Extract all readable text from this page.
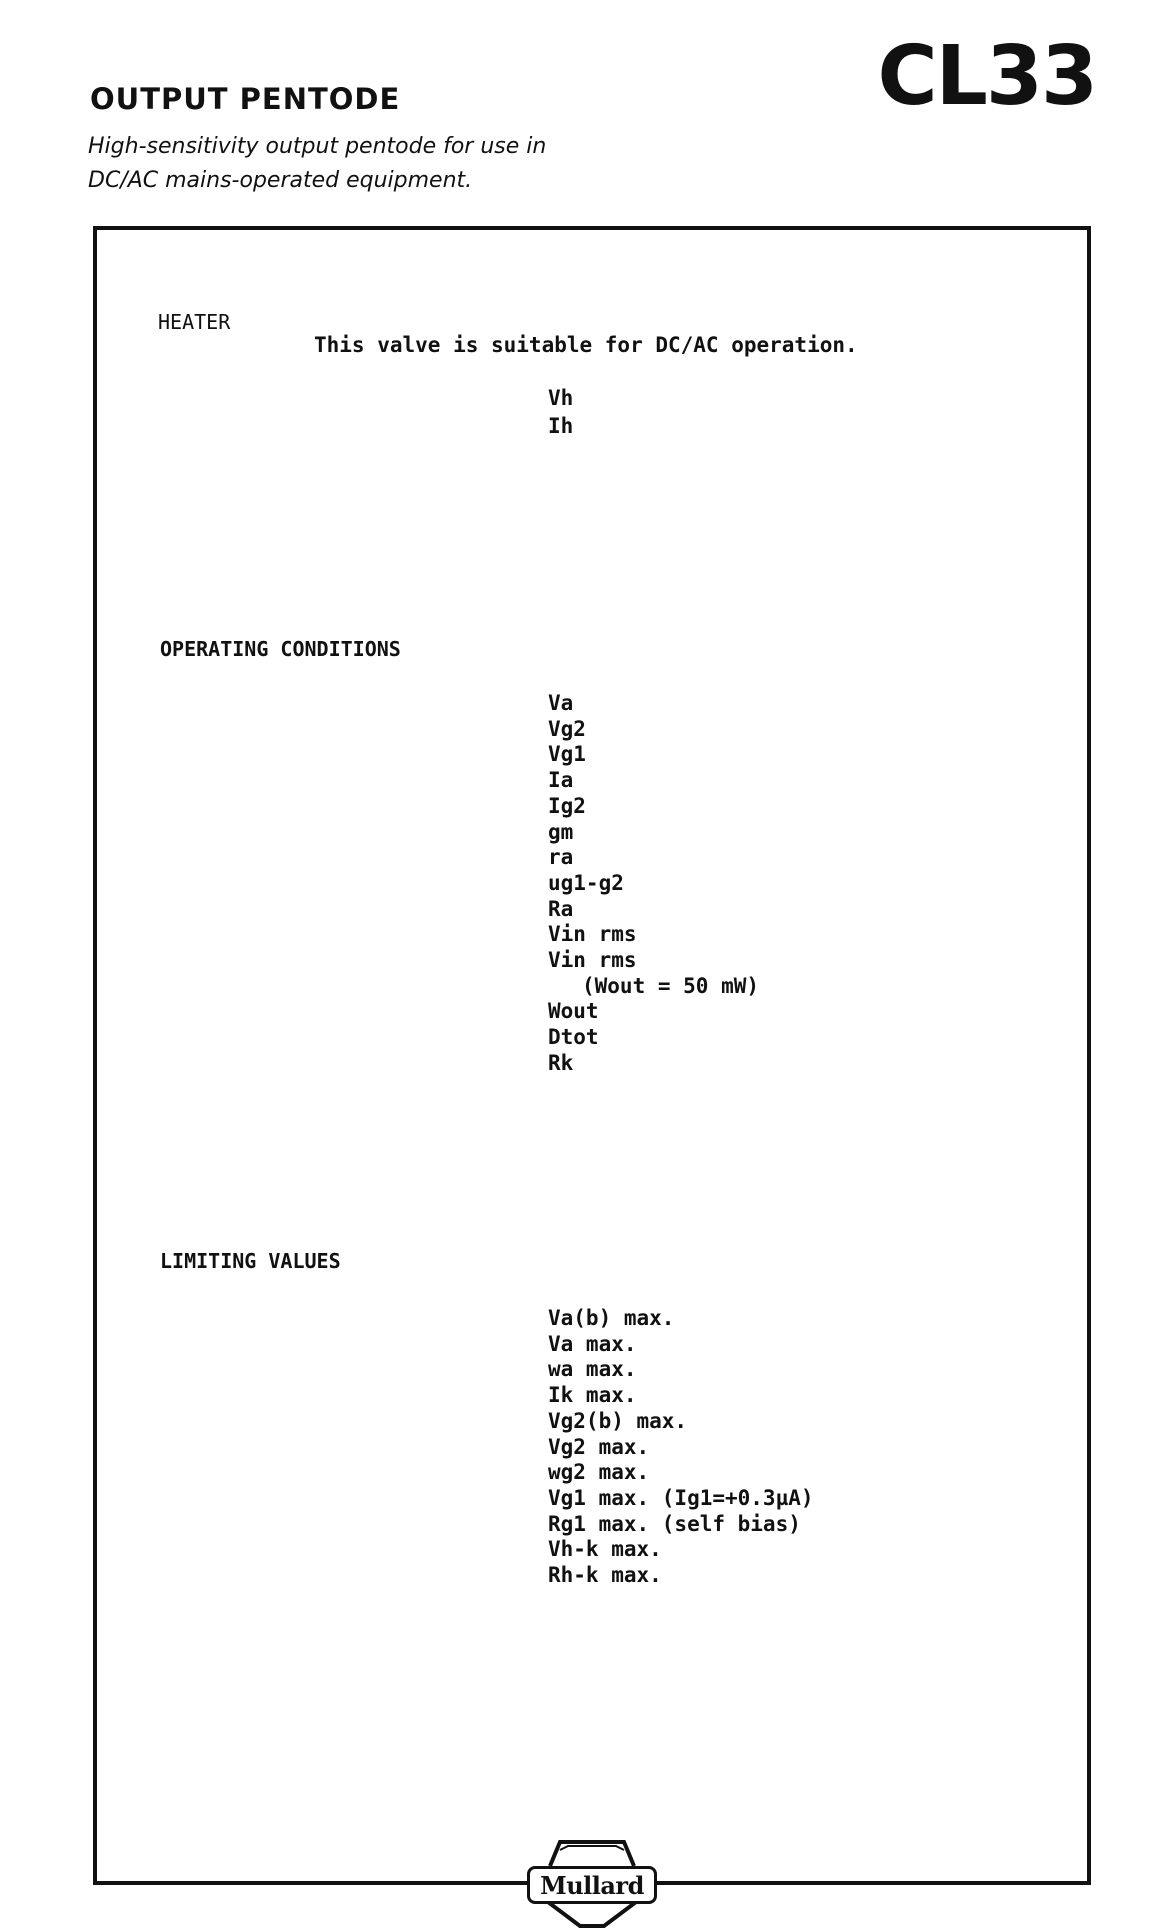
OUTPUT PENTODE	CL33
High-sensitivity output pentode for use in
DC/AC mains-operated equipment.
HEATER
This valve is suitable for DC/AC operation.
Vh
Ih
OPERATING CONDITIONS
Va
Vg2
Vg1
Ia
Ig2
gm
ra
ug1-g2
Ra
Vin rms
Vin rms
(Wout = 50 mW)
Wout
Dtot
Rk
LIMITING VALUES
Va(b) max.
Va max.
wa max.
Ik max.
Vg2(b) max.
Vg2 max.
wg2 max.
Vg1 max. (Ig1=+0.3µA)
Rg1 max. (self bias)
Vh-k max.
Rh-k max.
Mullard
